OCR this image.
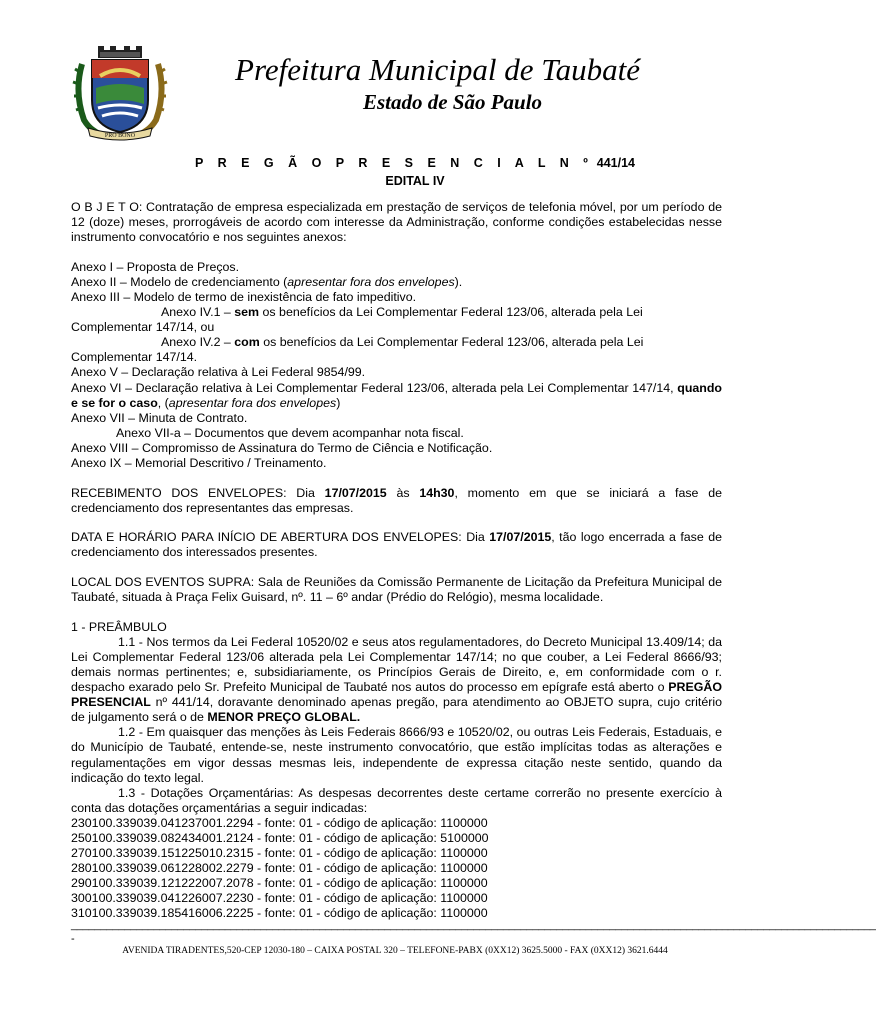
PRO BONO
Prefeitura Municipal de Taubaté
Estado de São Paulo
P R E G Ã O P R E S E N C I A L N º 441/14
EDITAL IV

O B J E T O: Contratação de empresa especializada em prestação de serviços de telefonia móvel, por um período de 12 (doze) meses, prorrogáveis de acordo com interesse da Administração, conforme condições estabelecidas nesse instrumento convocatório e nos seguintes anexos:

Anexo I – Proposta de Preços.

Anexo II – Modelo de credenciamento (apresentar fora dos envelopes).

Anexo III – Modelo de termo de inexistência de fato impeditivo.

Anexo IV.1 – sem os benefícios da Lei Complementar Federal 123/06, alterada pela Lei

Complementar 147/14, ou

Anexo IV.2 – com os benefícios da Lei Complementar Federal 123/06, alterada pela Lei

Complementar 147/14.

Anexo V – Declaração relativa à Lei Federal 9854/99.

Anexo VI – Declaração relativa à Lei Complementar Federal 123/06, alterada pela Lei Complementar 147/14, quando e se for o caso, (apresentar fora dos envelopes)

Anexo VII – Minuta de Contrato.

Anexo VII-a – Documentos que devem acompanhar nota fiscal.

Anexo VIII – Compromisso de Assinatura do Termo de Ciência e Notificação.

Anexo IX – Memorial Descritivo / Treinamento.

RECEBIMENTO DOS ENVELOPES: Dia 17/07/2015 às 14h30, momento em que se iniciará a fase de credenciamento dos representantes das empresas.

DATA E HORÁRIO PARA INÍCIO DE ABERTURA DOS ENVELOPES: Dia 17/07/2015, tão logo encerrada a fase de credenciamento dos interessados presentes.

LOCAL DOS EVENTOS SUPRA: Sala de Reuniões da Comissão Permanente de Licitação da Prefeitura Municipal de Taubaté, situada à Praça Felix Guisard, nº. 11 – 6º andar (Prédio do Relógio), mesma localidade.

1 - PREÂMBULO

1.1 - Nos termos da Lei Federal 10520/02 e seus atos regulamentadores, do Decreto Municipal 13.409/14; da Lei Complementar Federal 123/06 alterada pela Lei Complementar 147/14; no que couber, a Lei Federal 8666/93; demais normas pertinentes; e, subsidiariamente, os Princípios Gerais de Direito, e, em conformidade com o r. despacho exarado pelo Sr. Prefeito Municipal de Taubaté nos autos do processo em epígrafe está aberto o PREGÃO PRESENCIAL nº 441/14, doravante denominado apenas pregão, para atendimento ao OBJETO supra, cujo critério de julgamento será o de MENOR PREÇO GLOBAL.

1.2 - Em quaisquer das menções às Leis Federais 8666/93 e 10520/02, ou outras Leis Federais, Estaduais, e do Município de Taubaté, entende-se, neste instrumento convocatório, que estão implícitas todas as alterações e regulamentações em vigor dessas mesmas leis, independente de expressa citação neste sentido, quando da indicação do texto legal.

1.3 - Dotações Orçamentárias: As despesas decorrentes deste certame correrão no presente exercício à conta das dotações orçamentárias a seguir indicadas:

230100.339039.041237001.2294 - fonte: 01 - código de aplicação: 1100000

250100.339039.082434001.2124 - fonte: 01 - código de aplicação: 5100000

270100.339039.151225010.2315 - fonte: 01 - código de aplicação: 1100000

280100.339039.061228002.2279 - fonte: 01 - código de aplicação: 1100000

290100.339039.121222007.2078 - fonte: 01 - código de aplicação: 1100000

300100.339039.041226007.2230 - fonte: 01 - código de aplicação: 1100000

310100.339039.185416006.2225 - fonte: 01 - código de aplicação: 1100000

________________________________________________________________________________________________________________________________________
-
AVENIDA TIRADENTES,520-CEP 12030-180 – CAIXA POSTAL 320 – TELEFONE-PABX (0XX12) 3625.5000 - FAX (0XX12) 3621.6444
